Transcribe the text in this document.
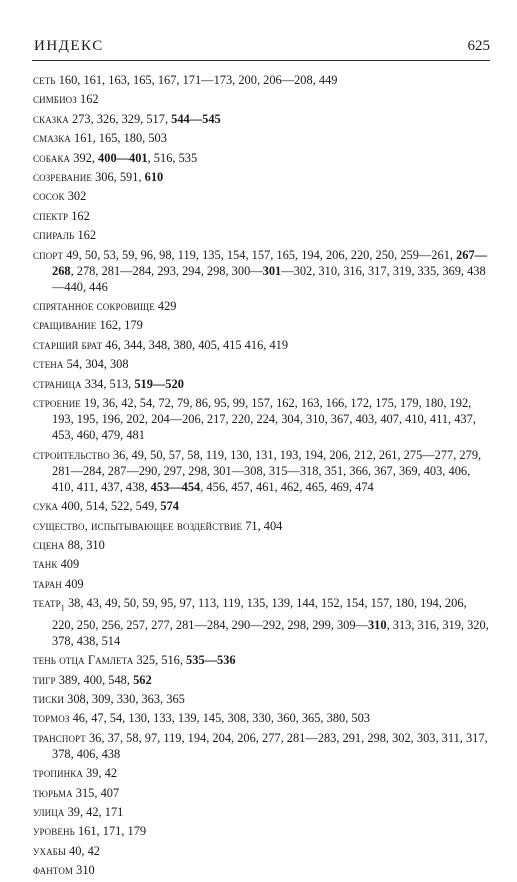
ИНДЕКС	625
сеть 160, 161, 163, 165, 167, 171—173, 200, 206—208, 449
симбиоз 162
сказка 273, 326, 329, 517, 544—545
смазка 161, 165, 180, 503
собака 392, 400—401, 516, 535
созревание 306, 591, 610
сосок 302
спектр 162
спираль 162
спорт 49, 50, 53, 59, 96, 98, 119, 135, 154, 157, 165, 194, 206, 220, 250, 259—261, 267—268, 278, 281—284, 293, 294, 298, 300—301—302, 310, 316, 317, 319, 335, 369, 438—440, 446
спрятанное сокровище 429
сращивание 162, 179
старший брат 46, 344, 348, 380, 405, 415 416, 419
стена 54, 304, 308
страница 334, 513, 519—520
строение 19, 36, 42, 54, 72, 79, 86, 95, 99, 157, 162, 163, 166, 172, 175, 179, 180, 192, 193, 195, 196, 202, 204—206, 217, 220, 224, 304, 310, 367, 403, 407, 410, 411, 437, 453, 460, 479, 481
строительство 36, 49, 50, 57, 58, 119, 130, 131, 193, 194, 206, 212, 261, 275—277, 279, 281—284, 287—290, 297, 298, 301—308, 315—318, 351, 366, 367, 369, 403, 406, 410, 411, 437, 438, 453—454, 456, 457, 461, 462, 465, 469, 474
сука 400, 514, 522, 549, 574
существо, испытывающее воздействие 71, 404
сцена 88, 310
танк 409
таран 409
театр$_1$ 38, 43, 49, 50, 59, 95, 97, 113, 119, 135, 139, 144, 152, 154, 157, 180, 194, 206, 220, 250, 256, 257, 277, 281—284, 290—292, 298, 299, 309—310, 313, 316, 319, 320, 378, 438, 514
тень отца Гамлета 325, 516, 535—536
тигр 389, 400, 548, 562
тиски 308, 309, 330, 363, 365
тормоз 46, 47, 54, 130, 133, 139, 145, 308, 330, 360, 365, 380, 503
транспорт 36, 37, 58, 97, 119, 194, 204, 206, 277, 281—283, 291, 298, 302, 303, 311, 317, 378, 406, 438
тропинка 39, 42
тюрьма 315, 407
улица 39, 42, 171
уровень 161, 171, 179
ухабы 40, 42
фантом 310
